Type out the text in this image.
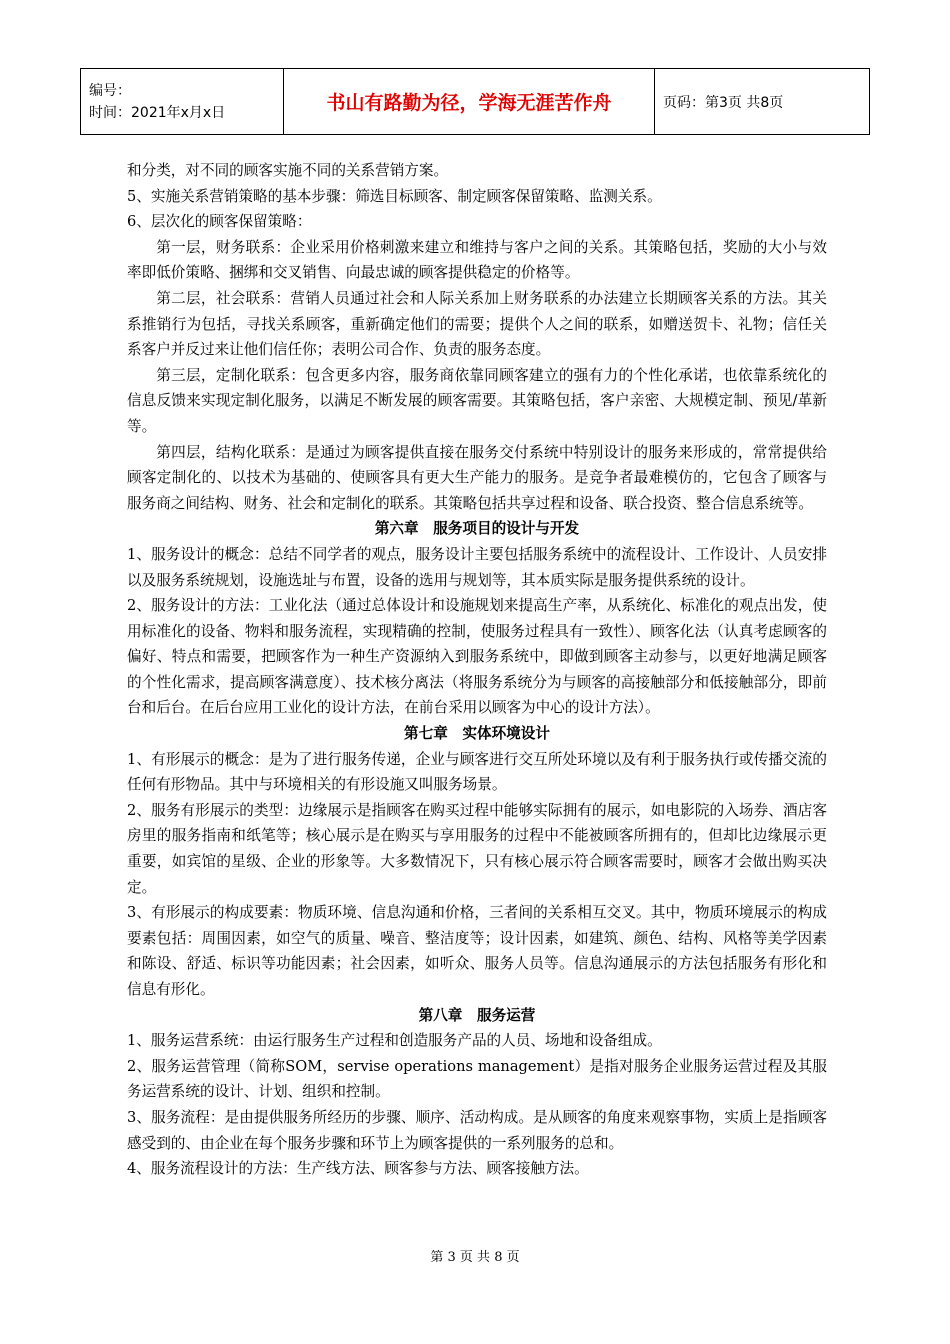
编号：
时间：2021年x月x日	书山有路勤为径，学海无涯苦作舟	页码：第3页 共8页

和分类，对不同的顾客实施不同的关系营销方案。

5、实施关系营销策略的基本步骤：筛选目标顾客、制定顾客保留策略、监测关系。

6、层次化的顾客保留策略：

第一层，财务联系：企业采用价格刺激来建立和维持与客户之间的关系。其策略包括，奖励的大小与效率即低价策略、捆绑和交叉销售、向最忠诚的顾客提供稳定的价格等。

第二层，社会联系：营销人员通过社会和人际关系加上财务联系的办法建立长期顾客关系的方法。其关系推销行为包括，寻找关系顾客，重新确定他们的需要；提供个人之间的联系，如赠送贺卡、礼物；信任关系客户并反过来让他们信任你；表明公司合作、负责的服务态度。

第三层，定制化联系：包含更多内容，服务商依靠同顾客建立的强有力的个性化承诺，也依靠系统化的信息反馈来实现定制化服务，以满足不断发展的顾客需要。其策略包括，客户亲密、大规模定制、预见/革新等。

第四层，结构化联系：是通过为顾客提供直接在服务交付系统中特别设计的服务来形成的，常常提供给顾客定制化的、以技术为基础的、使顾客具有更大生产能力的服务。是竞争者最难模仿的，它包含了顾客与服务商之间结构、财务、社会和定制化的联系。其策略包括共享过程和设备、联合投资、整合信息系统等。

第六章　服务项目的设计与开发

1、服务设计的概念：总结不同学者的观点，服务设计主要包括服务系统中的流程设计、工作设计、人员安排以及服务系统规划，设施选址与布置，设备的选用与规划等，其本质实际是服务提供系统的设计。

2、服务设计的方法：工业化法（通过总体设计和设施规划来提高生产率，从系统化、标准化的观点出发，使用标准化的设备、物料和服务流程，实现精确的控制，使服务过程具有一致性）、顾客化法（认真考虑顾客的偏好、特点和需要，把顾客作为一种生产资源纳入到服务系统中，即做到顾客主动参与，以更好地满足顾客的个性化需求，提高顾客满意度）、技术核分离法（将服务系统分为与顾客的高接触部分和低接触部分，即前台和后台。在后台应用工业化的设计方法，在前台采用以顾客为中心的设计方法）。

第七章　实体环境设计

1、有形展示的概念：是为了进行服务传递，企业与顾客进行交互所处环境以及有利于服务执行或传播交流的任何有形物品。其中与环境相关的有形设施又叫服务场景。

2、服务有形展示的类型：边缘展示是指顾客在购买过程中能够实际拥有的展示，如电影院的入场券、酒店客房里的服务指南和纸笔等；核心展示是在购买与享用服务的过程中不能被顾客所拥有的，但却比边缘展示更重要，如宾馆的星级、企业的形象等。大多数情况下，只有核心展示符合顾客需要时，顾客才会做出购买决定。

3、有形展示的构成要素：物质环境、信息沟通和价格，三者间的关系相互交叉。其中，物质环境展示的构成要素包括：周围因素，如空气的质量、噪音、整洁度等；设计因素，如建筑、颜色、结构、风格等美学因素和陈设、舒适、标识等功能因素；社会因素，如听众、服务人员等。信息沟通展示的方法包括服务有形化和信息有形化。

第八章　服务运营

1、服务运营系统：由运行服务生产过程和创造服务产品的人员、场地和设备组成。

2、服务运营管理（简称SOM，servise operations management）是指对服务企业服务运营过程及其服务运营系统的设计、计划、组织和控制。

3、服务流程：是由提供服务所经历的步骤、顺序、活动构成。是从顾客的角度来观察事物，实质上是指顾客感受到的、由企业在每个服务步骤和环节上为顾客提供的一系列服务的总和。

4、服务流程设计的方法：生产线方法、顾客参与方法、顾客接触方法。

第 3 页 共 8 页
